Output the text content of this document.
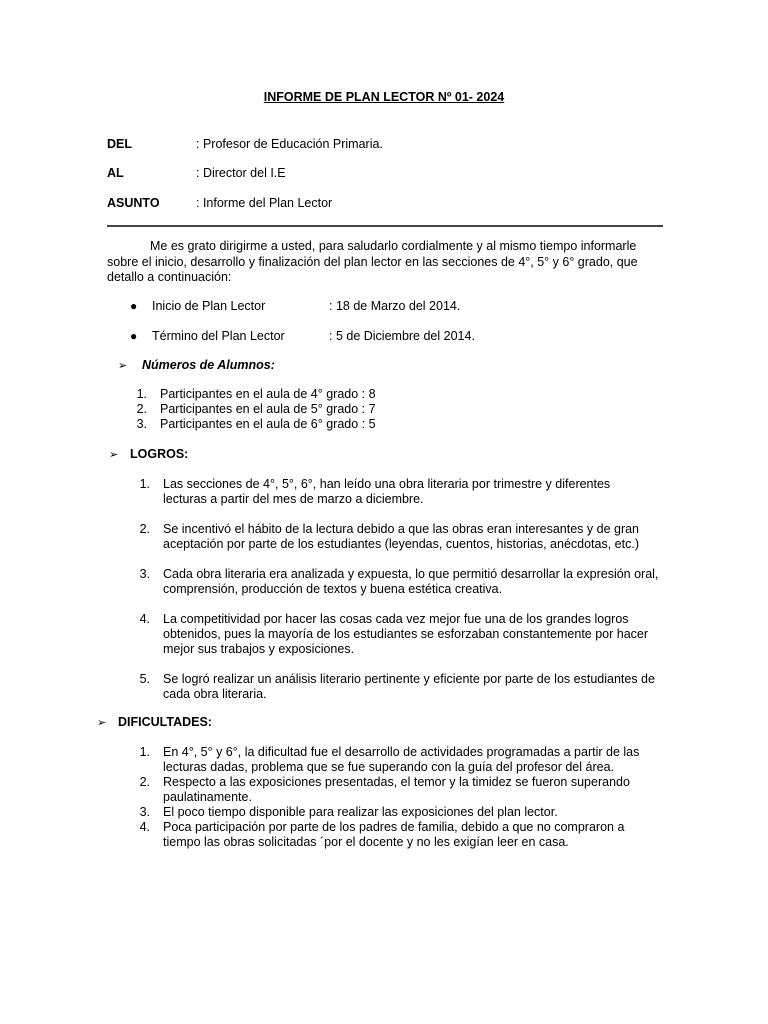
INFORME DE PLAN LECTOR Nº 01- 2024
DEL	: Profesor de Educación Primaria.
AL	: Director del I.E
ASUNTO	: Informe del Plan Lector
Me es grato dirigirme a usted, para saludarlo cordialmente y al mismo tiempo informarle
sobre el inicio, desarrollo y finalización del plan lector en las secciones de 4°, 5° y 6° grado, que
detallo a continuación:
● Inicio de Plan Lector	: 18 de Marzo del 2014.
● Término del Plan Lector	: 5 de Diciembre del 2014.
➢ Números de Alumnos:
1. Participantes en el aula de 4° grado : 8
2. Participantes en el aula de 5° grado : 7
3. Participantes en el aula de 6° grado : 5
➢ LOGROS:
1. Las secciones de 4°, 5°, 6°, han leído una obra literaria por trimestre y diferentes
lecturas a partir del mes de marzo a diciembre.
2. Se incentivó el hábito de la lectura debido a que las obras eran interesantes y de gran
aceptación por parte de los estudiantes (leyendas, cuentos, historias, anécdotas, etc.)
3. Cada obra literaria era analizada y expuesta, lo que permitió desarrollar la expresión oral,
comprensión, producción de textos y buena estética creativa.
4. La competitividad por hacer las cosas cada vez mejor fue una de los grandes logros
obtenidos, pues la mayoría de los estudiantes se esforzaban constantemente por hacer
mejor sus trabajos y exposiciones.
5. Se logró realizar un análisis literario pertinente y eficiente por parte de los estudiantes de
cada obra literaria.
➢ DIFICULTADES:
1. En 4°, 5° y 6°, la dificultad fue el desarrollo de actividades programadas a partir de las
lecturas dadas, problema que se fue superando con la guía del profesor del área.
2. Respecto a las exposiciones presentadas, el temor y la timidez se fueron superando
paulatinamente.
3. El poco tiempo disponible para realizar las exposiciones del plan lector.
4. Poca participación por parte de los padres de familia, debido a que no compraron a
tiempo las obras solicitadas ´por el docente y no les exigían leer en casa.
